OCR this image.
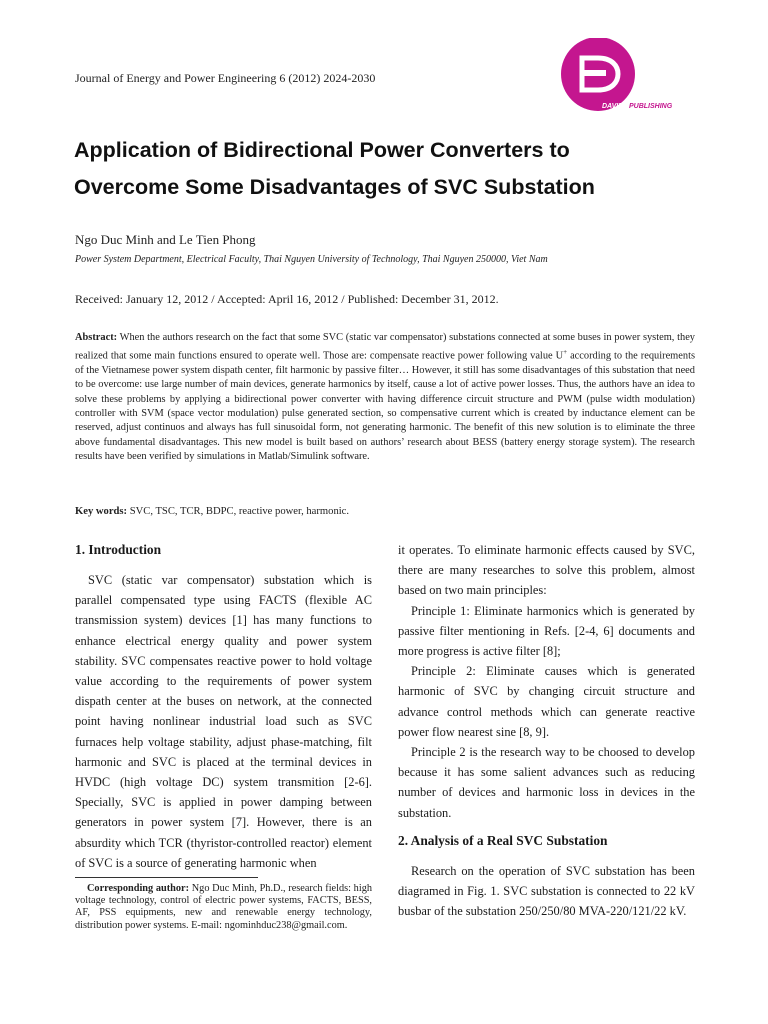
Journal of Energy and Power Engineering 6 (2012) 2024-2030	D
DAVID PUBLISHING
Application of Bidirectional Power Converters to
Overcome Some Disadvantages of SVC Substation
Ngo Duc Minh and Le Tien Phong
Power System Department, Electrical Faculty, Thai Nguyen University of Technology, Thai Nguyen 250000, Viet Nam
Received: January 12, 2012 / Accepted: April 16, 2012 / Published: December 31, 2012.
Abstract: When the authors research on the fact that some SVC (static var compensator) substations connected at some buses in power system, they realized that some main functions ensured to operate well. Those are: compensate reactive power following value U+ according to the requirements of the Vietnamese power system dispath center, filt harmonic by passive filter… However, it still has some disadvantages of this substation that need to be overcome: use large number of main devices, generate harmonics by itself, cause a lot of active power losses. Thus, the authors have an idea to solve these problems by applying a bidirectional power converter with having difference circuit structure and PWM (pulse width modulation) controller with SVM (space vector modulation) pulse generated section, so compensative current which is created by inductance element can be reserved, adjust continuos and always has full sinusoidal form, not generating harmonic. The benefit of this new solution is to eliminate the three above fundamental disadvantages. This new model is built based on authors’ research about BESS (battery energy storage system). The research results have been verified by simulations in Matlab/Simulink software.
Key words: SVC, TSC, TCR, BDPC, reactive power, harmonic.
1. Introduction

SVC (static var compensator) substation which is parallel compensated type using FACTS (flexible AC transmission system) devices [1] has many functions to enhance electrical energy quality and power system stability. SVC compensates reactive power to hold voltage value according to the requirements of power system dispath center at the buses on network, at the connected point having nonlinear industrial load such as SVC furnaces help voltage stability, adjust phase-matching, filt harmonic and SVC is placed at the terminal devices in HVDC (high voltage DC) system transmition [2-6]. Specially, SVC is applied in power damping between generators in power system [7]. However, there is an absurdity which TCR (thyristor-controlled reactor) element of SVC is a source of generating harmonic when

it operates. To eliminate harmonic effects caused by SVC, there are many researches to solve this problem, almost based on two main principles:

Principle 1: Eliminate harmonics which is generated by passive filter mentioning in Refs. [2-4, 6] documents and more progress is active filter [8];

Principle 2: Eliminate causes which is generated harmonic of SVC by changing circuit structure and advance control methods which can generate reactive power flow nearest sine [8, 9].

Principle 2 is the research way to be choosed to develop because it has some salient advances such as reducing number of devices and harmonic loss in devices in the substation.

2. Analysis of a Real SVC Substation

Research on the operation of SVC substation has been diagramed in Fig. 1. SVC substation is connected to 22 kV busbar of the substation 250/250/80 MVA-220/121/22 kV.

Corresponding author: Ngo Duc Minh, Ph.D., research fields: high voltage technology, control of electric power systems, FACTS, BESS, AF, PSS equipments, new and renewable energy technology, distribution power systems. E-mail: ngominhduc238@gmail.com.
